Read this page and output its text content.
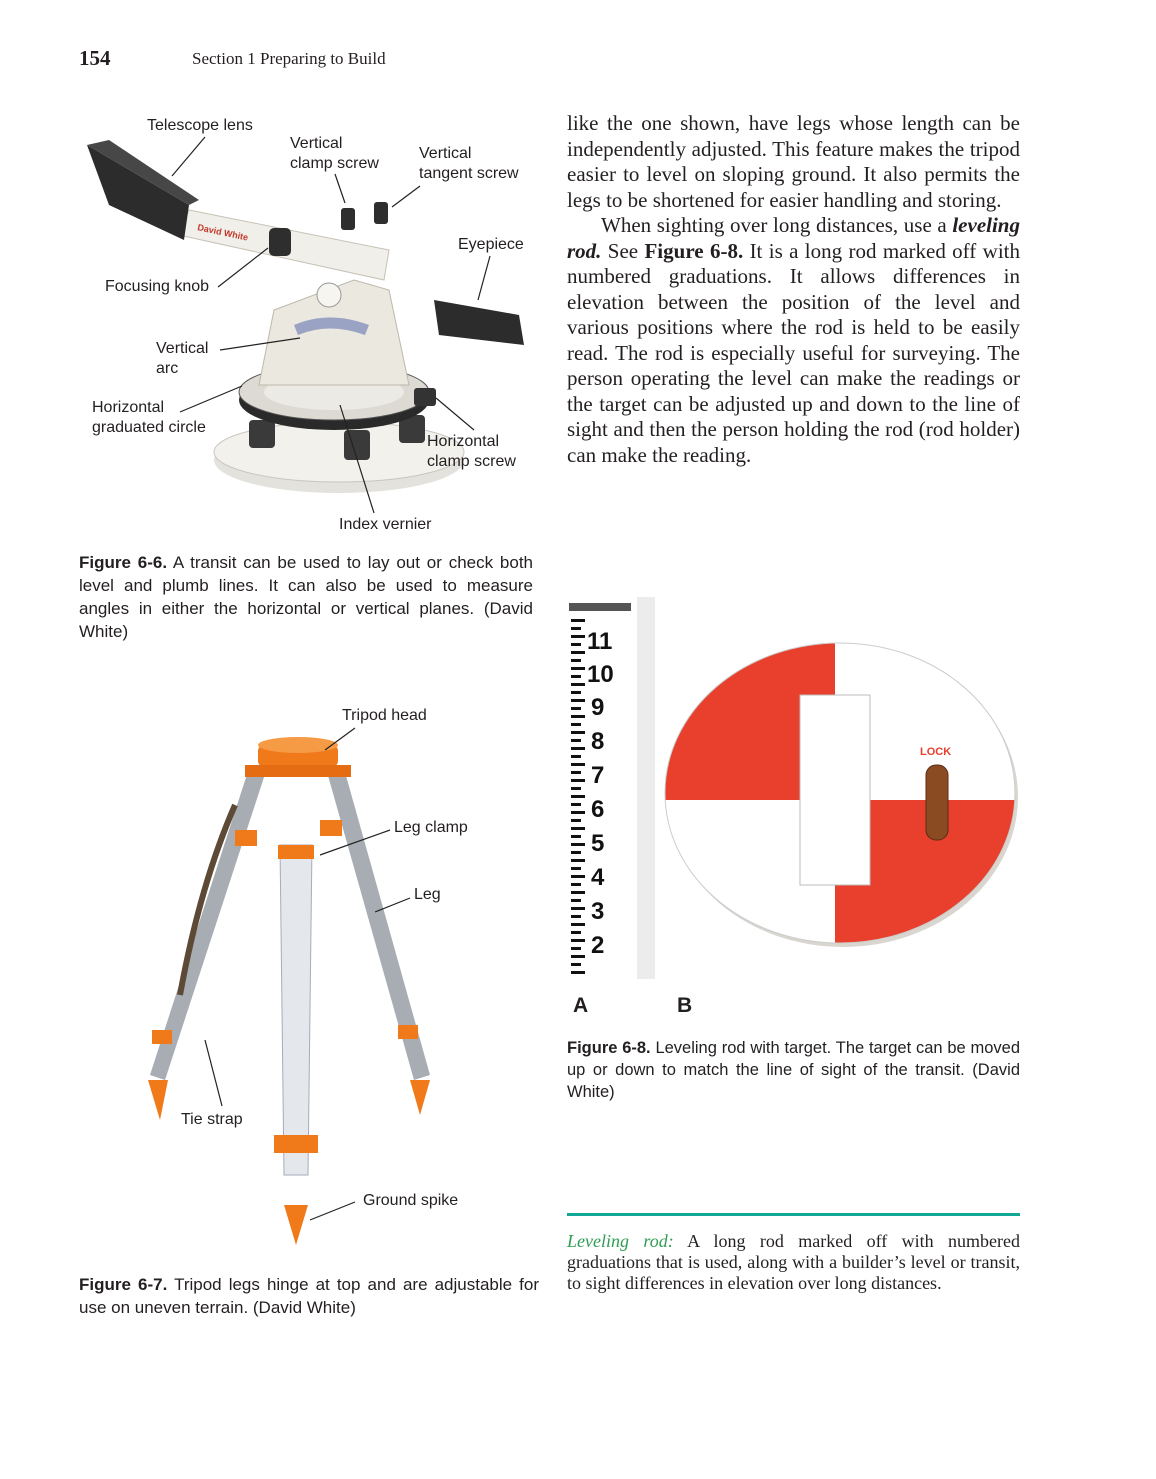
154	Section 1 Preparing to Build
David White
Telescope lens
Vertical
clamp screw
Vertical
tangent screw
Eyepiece
Focusing knob
Vertical
arc
Horizontal
graduated circle
Horizontal
clamp screw
Index vernier
Figure 6-6. A transit can be used to lay out or check both level and plumb lines. It can also be used to measure angles in either the horizontal or vertical planes. (David White)
Tripod head
Leg clamp
Leg
Tie strap
Ground spike
Figure 6-7. Tripod legs hinge at top and are adjustable for use on uneven terrain. (David White)
11
10
9
8
7
6
5
4
3
2
LOCK
A	B
Figure 6-8. Leveling rod with target. The target can be moved up or down to match the line of sight of the transit. (David White)

like the one shown, have legs whose length can be independently adjusted. This feature makes the tripod easier to level on sloping ground. It also permits the legs to be shortened for easier handling and storing.

When sighting over long distances, use a leveling rod. See Figure 6-8. It is a long rod marked off with numbered graduations. It allows differences in elevation between the position of the level and various positions where the rod is held to be easily read. The rod is especially useful for surveying. The person operating the level can make the readings or the target can be adjusted up and down to the line of sight and then the person holding the rod (rod holder) can make the reading.

Leveling rod: A long rod marked off with numbered graduations that is used, along with a builder’s level or transit, to sight differences in elevation over long distances.
